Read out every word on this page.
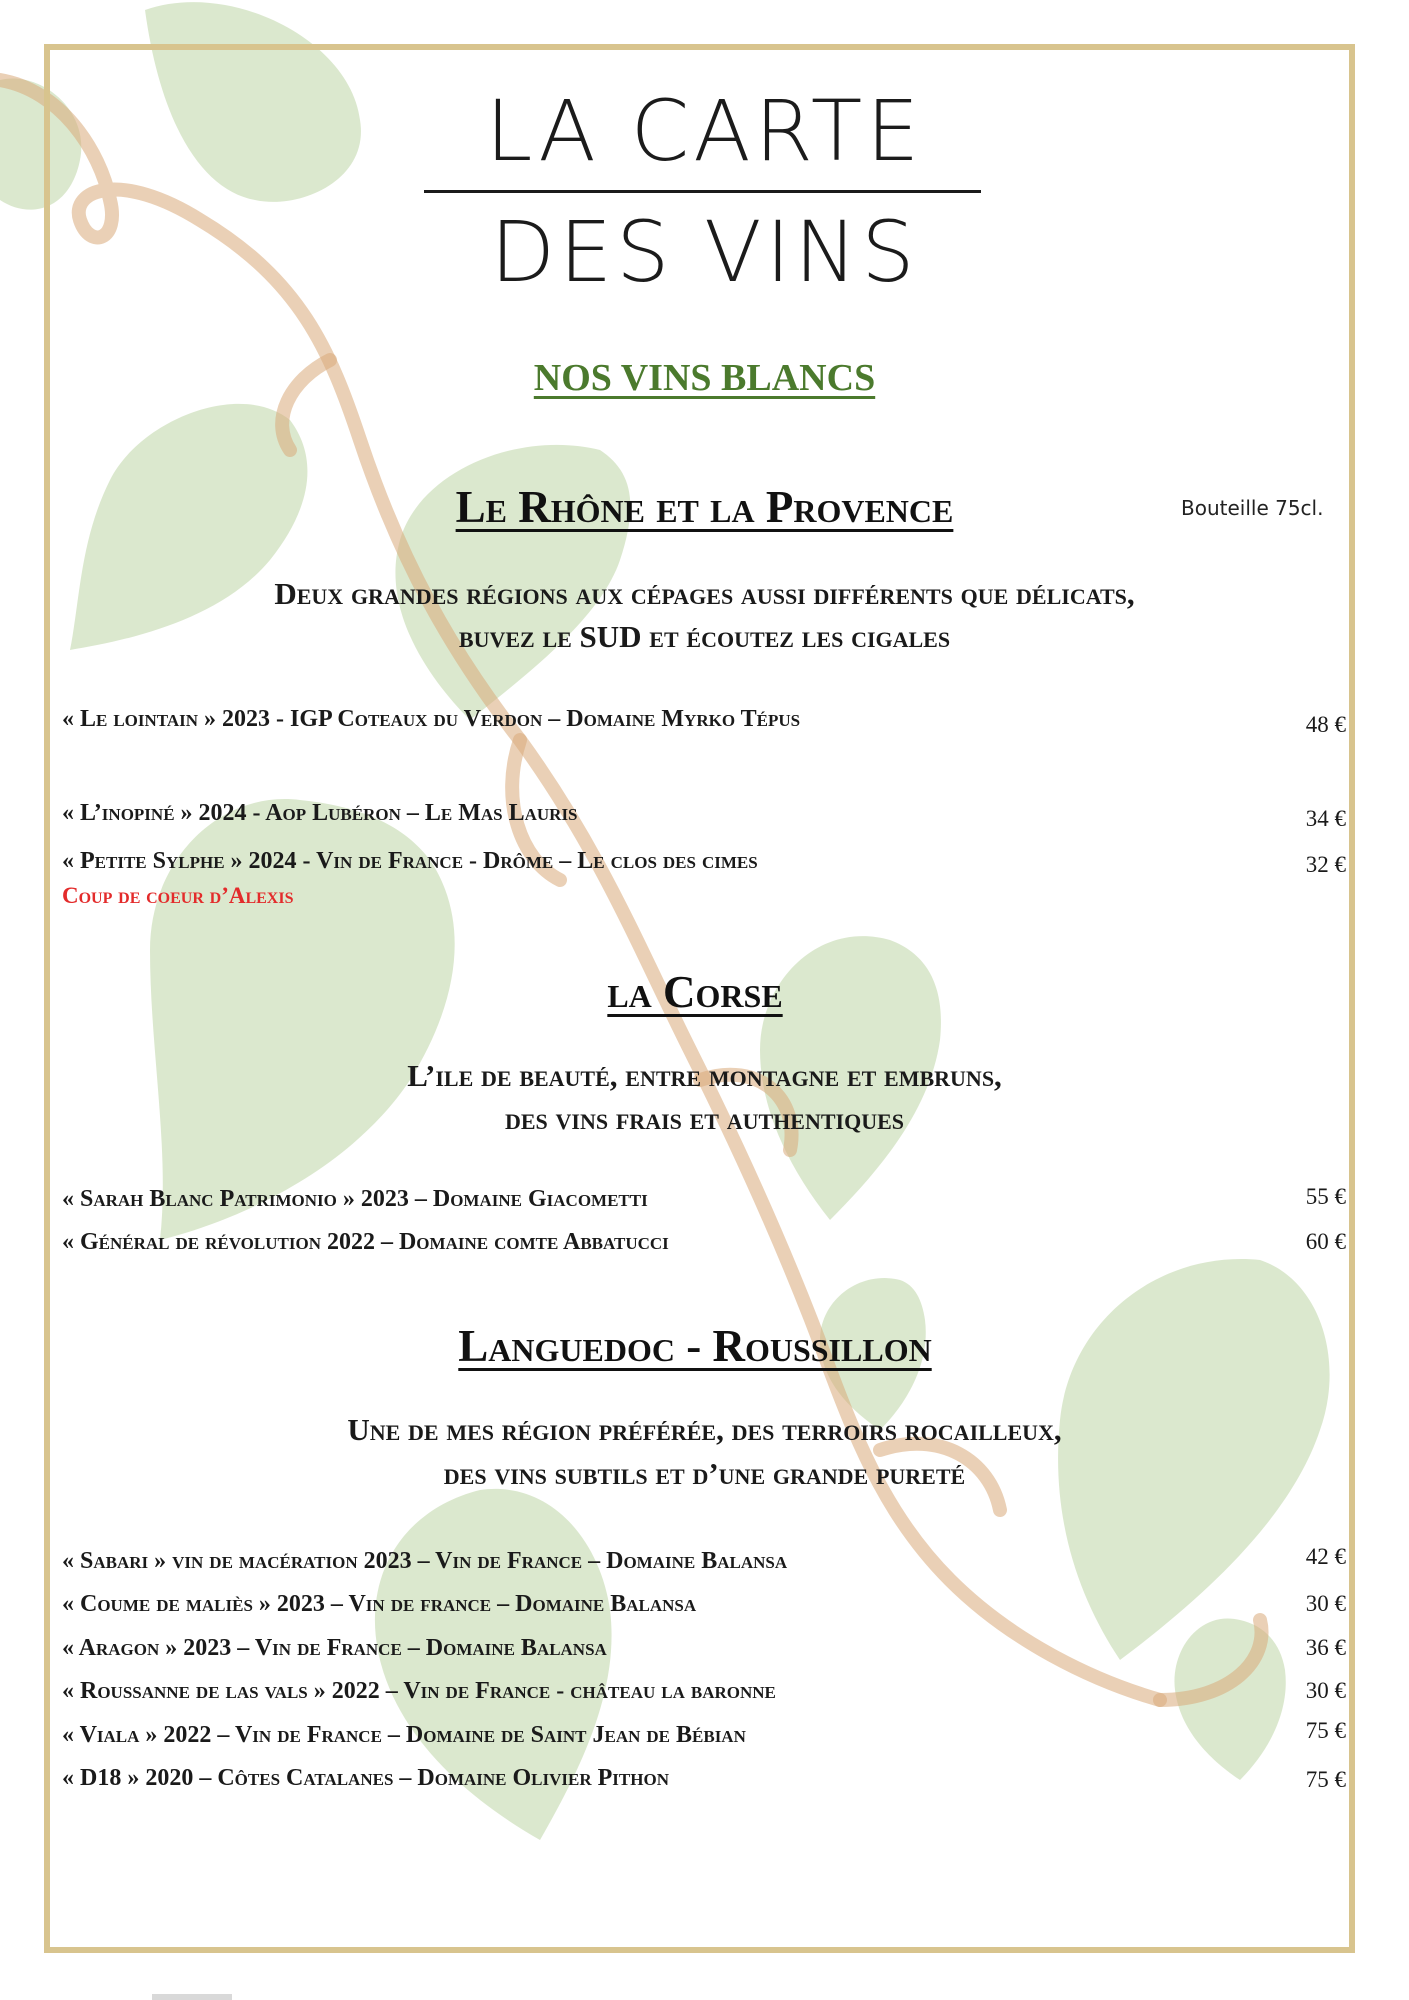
LA CARTE
DES VINS
NOS VINS BLANCS
Bouteille 75cl.
Le Rhône et la Provence
Deux grandes régions aux cépages aussi différents que délicats,
buvez le SUD et écoutez les cigales
« Le lointain » 2023 - IGP Coteaux du Verdon – Domaine Myrko Tépus	48 €
« L’inopiné » 2024 - Aop Lubéron – Le Mas Lauris	34 €
« Petite Sylphe » 2024 - Vin de France - Drôme – Le clos des cimes	32 €
Coup de coeur d’Alexis
la Corse
L’ile de beauté, entre montagne et embruns,
des vins frais et authentiques
« Sarah Blanc Patrimonio » 2023 – Domaine Giacometti	55 €
« Général de révolution 2022 – Domaine comte Abbatucci	60 €
Languedoc - Roussillon
Une de mes région préférée, des terroirs rocailleux,
des vins subtils et d’une grande pureté
« Sabari » vin de macération 2023 – Vin de France – Domaine Balansa	42 €
« Coume de maliès » 2023 – Vin de france – Domaine Balansa	30 €
« Aragon » 2023 – Vin de France – Domaine Balansa	36 €
« Roussanne de las vals » 2022 – Vin de France - château la baronne	30 €
« Viala » 2022 – Vin de France – Domaine de Saint Jean de Bébian	75 €
« D18 » 2020 – Côtes Catalanes – Domaine Olivier Pithon	75 €
